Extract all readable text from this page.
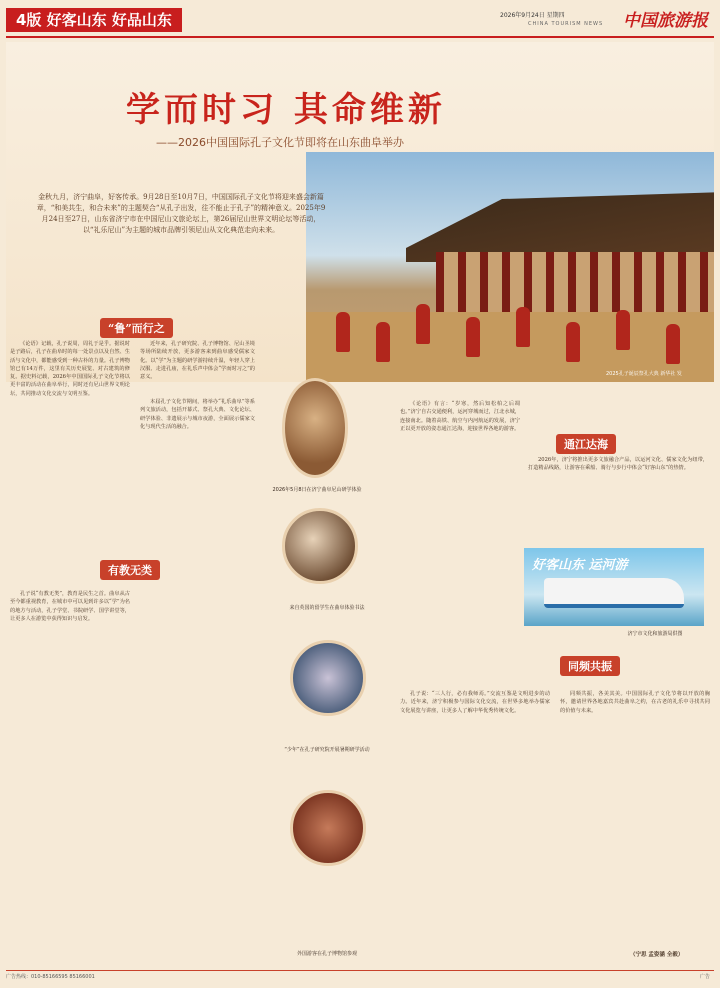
4版 好客山东 好品山东	2026年9月24日 星期四
CHINA TOURISM NEWS 中国旅游报
学而时习 其命维新
——2026中国国际孔子文化节即将在山东曲阜举办
金秋九月，济宁曲阜，好客传承。9月28日至10月7日，中国国际孔子文化节将迎来盛会新篇章，“和美共生，和合未来”的主题契合“从孔子出发，往不能止于孔子”的精神意义。2025年9月24日至27日，山东省济宁市在中国尼山文旅论坛上，第26届尼山世界文明论坛等活动，以“礼乐尼山”为主题的城市品牌引领尼山从文化典范走向未来。
2025孔子诞辰祭孔大典 新华社 发
“鲁”而行之

《论语》记载，孔子说周，周礼于是乎。据说时是子路后，孔子在曲阜时的每一处景点以及自然、生活与文化中，都能感受到一种古朴的力量。孔子博物馆已有14万件，这里有关历史展览、对古建筑的修复。据史料记载，2026年中国国际孔子文化节将以更丰富的活动在曲阜举行，同时还有尼山世界文明论坛，共同推动文化交流与文明互鉴。

近年来，孔子研究院、孔子博物馆、尼山圣境等场所陆续开放，更多游客来到曲阜感受儒家文化。以“学”为主题的研学游持续升温，年轻人穿上汉服、走进孔庙，在礼乐声中体会“学而时习之”的意义。

本届孔子文化节期间，将举办“礼乐曲阜”等系列文旅活动，包括开幕式、祭孔大典、文化论坛、研学体验、非遗展示与城市夜游，全面展示儒家文化与现代生活的融合。

2026年5月8日在济宁曲阜尼山研学体验
有教无类

孔子说“有教无类”，教育是民生之首。曲阜从古至今都重视教育，在城市中可以见到许多以“学”为名的地方与活动，孔子学堂、书院研学、国学讲堂等，让更多人在游览中获得知识与启发。

来自英国的留学生在曲阜体验书法
“少年”在孔子研究院开展暑期研学活动
外国游客在孔子博物馆参观
通江达海

《论语》有言：“岁寒，然后知松柏之后凋也。”济宁自古交通便利，运河穿城而过，江北水城，连接南北。随着高铁、航空与内河航运的发展，济宁正以更开放的姿态通江达海，迎接世界各地的游客。

2026年，济宁将推出更多文旅融合产品，以运河文化、儒家文化为纽带，打造精品线路，让游客在乘船、骑行与步行中体会“好客山东”的热情。

好客山东 运河游
济宁市文化和旅游局供图
同频共振

孔子说：“三人行，必有我师焉。”交流互鉴是文明进步的动力。近年来，济宁积极参与国际文化交流，在世界多地举办儒家文化展览与讲座，让更多人了解中华优秀传统文化。

同频共振，各美其美。中国国际孔子文化节将以开放的胸怀，邀请世界各地嘉宾共赴曲阜之约，在古老的礼乐中寻找共同的价值与未来。

（宁思 孟姿涵 全毅）
广告热线：010-85166595 85166001	广告
